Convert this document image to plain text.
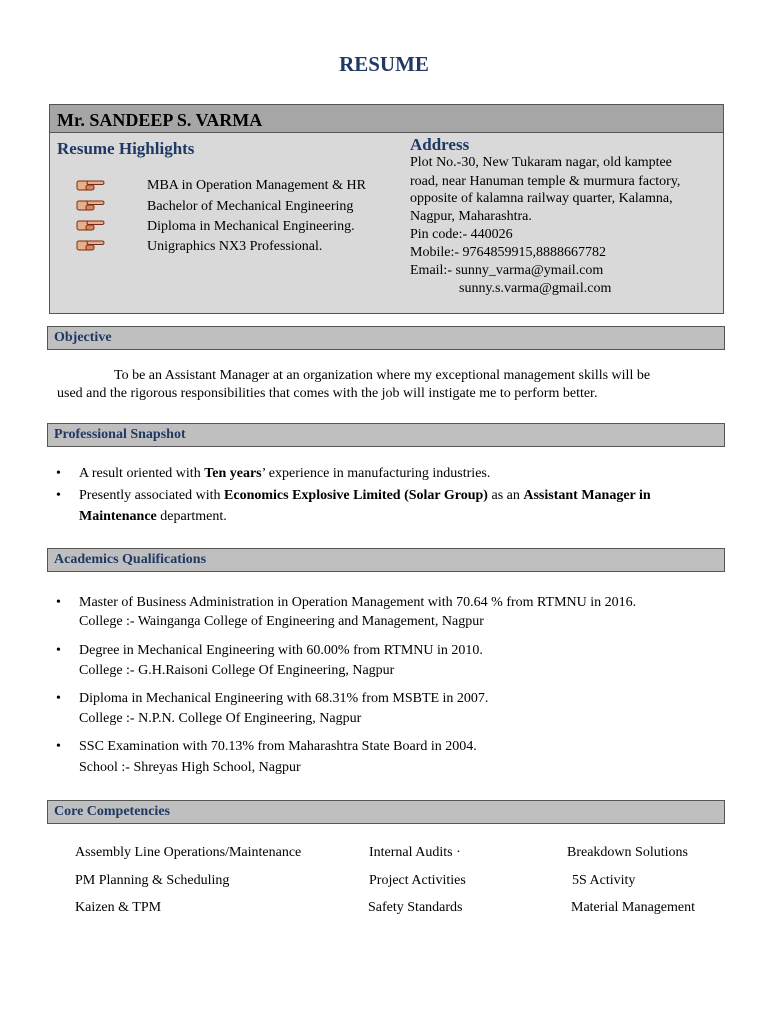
RESUME
Mr. SANDEEP S. VARMA
Resume Highlights
MBA in Operation Management & HR
Bachelor of Mechanical Engineering
Diploma in Mechanical Engineering.
Unigraphics NX3 Professional.
Address
Plot No.-30, New Tukaram nagar, old kamptee
road, near Hanuman temple & murmura factory,
opposite of kalamna railway quarter, Kalamna,
Nagpur, Maharashtra.
Pin code:- 440026
Mobile:- 9764859915,8888667782
Email:- sunny_varma@ymail.com
sunny.s.varma@gmail.com
Objective
To be an Assistant Manager at an organization where my exceptional management skills will be
used and the rigorous responsibilities that comes with the job will instigate me to perform better.
Professional Snapshot
• A result oriented with Ten years’ experience in manufacturing industries.
• Presently associated with Economics Explosive Limited (Solar Group) as an Assistant Manager in
Maintenance department.
Academics Qualifications
• Master of Business Administration in Operation Management with 70.64 % from RTMNU in 2016.
College :- Wainganga College of Engineering and Management, Nagpur
• Degree in Mechanical Engineering with 60.00% from RTMNU in 2010.
College :- G.H.Raisoni College Of Engineering, Nagpur
• Diploma in Mechanical Engineering with 68.31% from MSBTE in 2007.
College :- N.P.N. College Of Engineering, Nagpur
• SSC Examination with 70.13% from Maharashtra State Board in 2004.
School :- Shreyas High School, Nagpur
Core Competencies
Assembly Line Operations/Maintenance
PM Planning & Scheduling
Kaizen & TPM
Internal Audits ·
Project Activities
Safety Standards
Breakdown Solutions
5S Activity
Material Management
